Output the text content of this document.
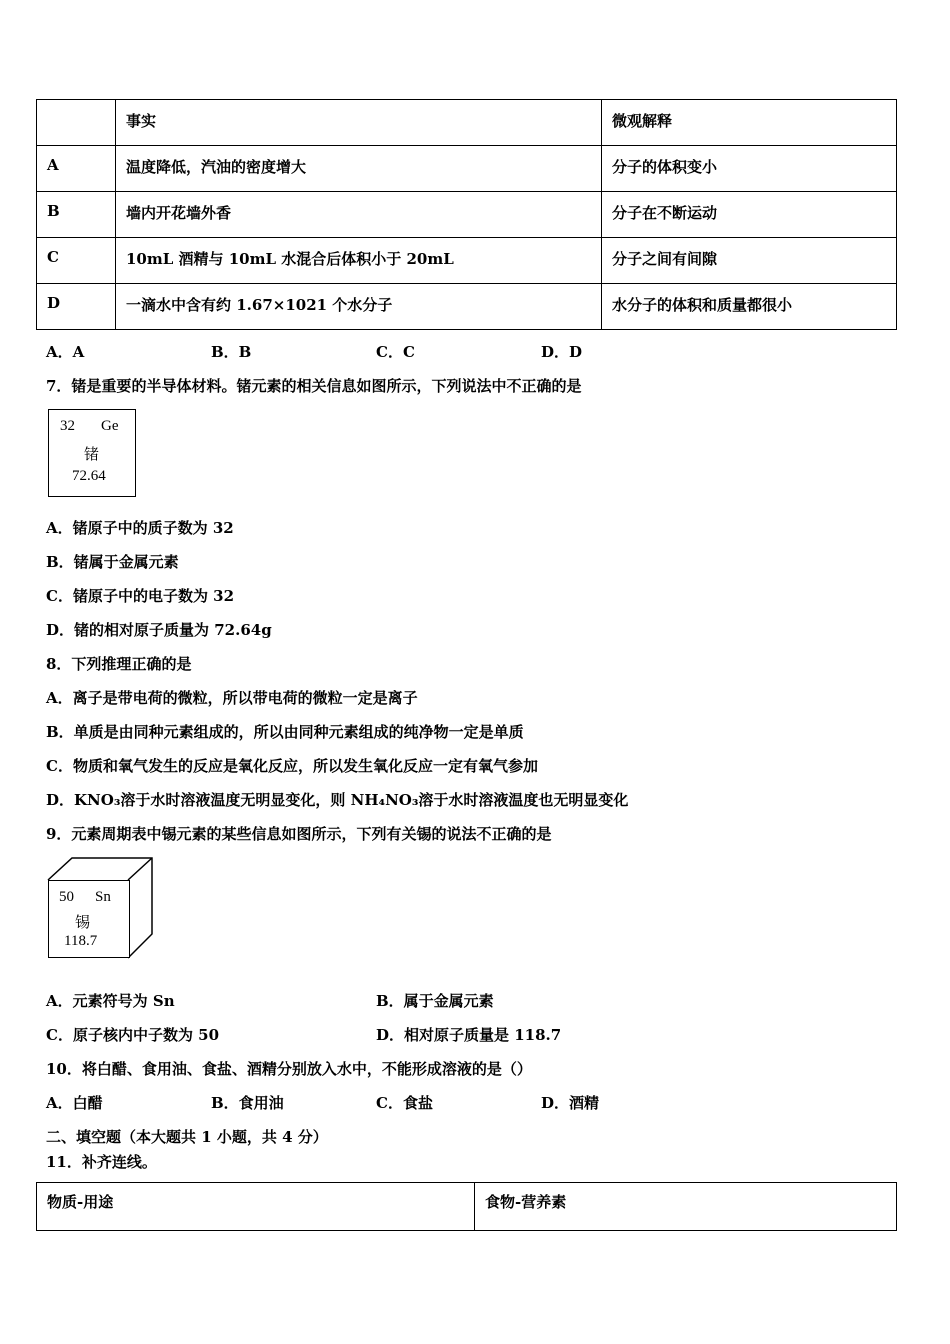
	事实	微观解释
A	温度降低，汽油的密度增大	分子的体积变小
B	墙内开花墙外香	分子在不断运动
C	10mL 酒精与 10mL 水混合后体积小于 20mL	分子之间有间隙
D	一滴水中含有约 1.67×1021 个水分子	水分子的体积和质量都很小
A．A	B．B	C．C	D．D
7．锗是重要的半导体材料。锗元素的相关信息如图所示，下列说法中不正确的是
32 Ge
锗
72.64
A．锗原子中的质子数为 32
B．锗属于金属元素
C．锗原子中的电子数为 32
D．锗的相对原子质量为 72.64g
8．下列推理正确的是
A．离子是带电荷的微粒，所以带电荷的微粒一定是离子
B．单质是由同种元素组成的，所以由同种元素组成的纯净物一定是单质
C．物质和氧气发生的反应是氧化反应，所以发生氧化反应一定有氧气参加
D．KNO₃溶于水时溶液温度无明显变化，则 NH₄NO₃溶于水时溶液温度也无明显变化
9．元素周期表中锡元素的某些信息如图所示，下列有关锡的说法不正确的是
50 Sn
锡
118.7
A．元素符号为 Sn	B．属于金属元素
C．原子核内中子数为 50	D．相对原子质量是 118.7
10．将白醋、食用油、食盐、酒精分别放入水中，不能形成溶液的是（）
A．白醋	B．食用油	C．食盐	D．酒精
二、填空题（本大题共 1 小题，共 4 分）
11．补齐连线。
物质-用途	食物-营养素
